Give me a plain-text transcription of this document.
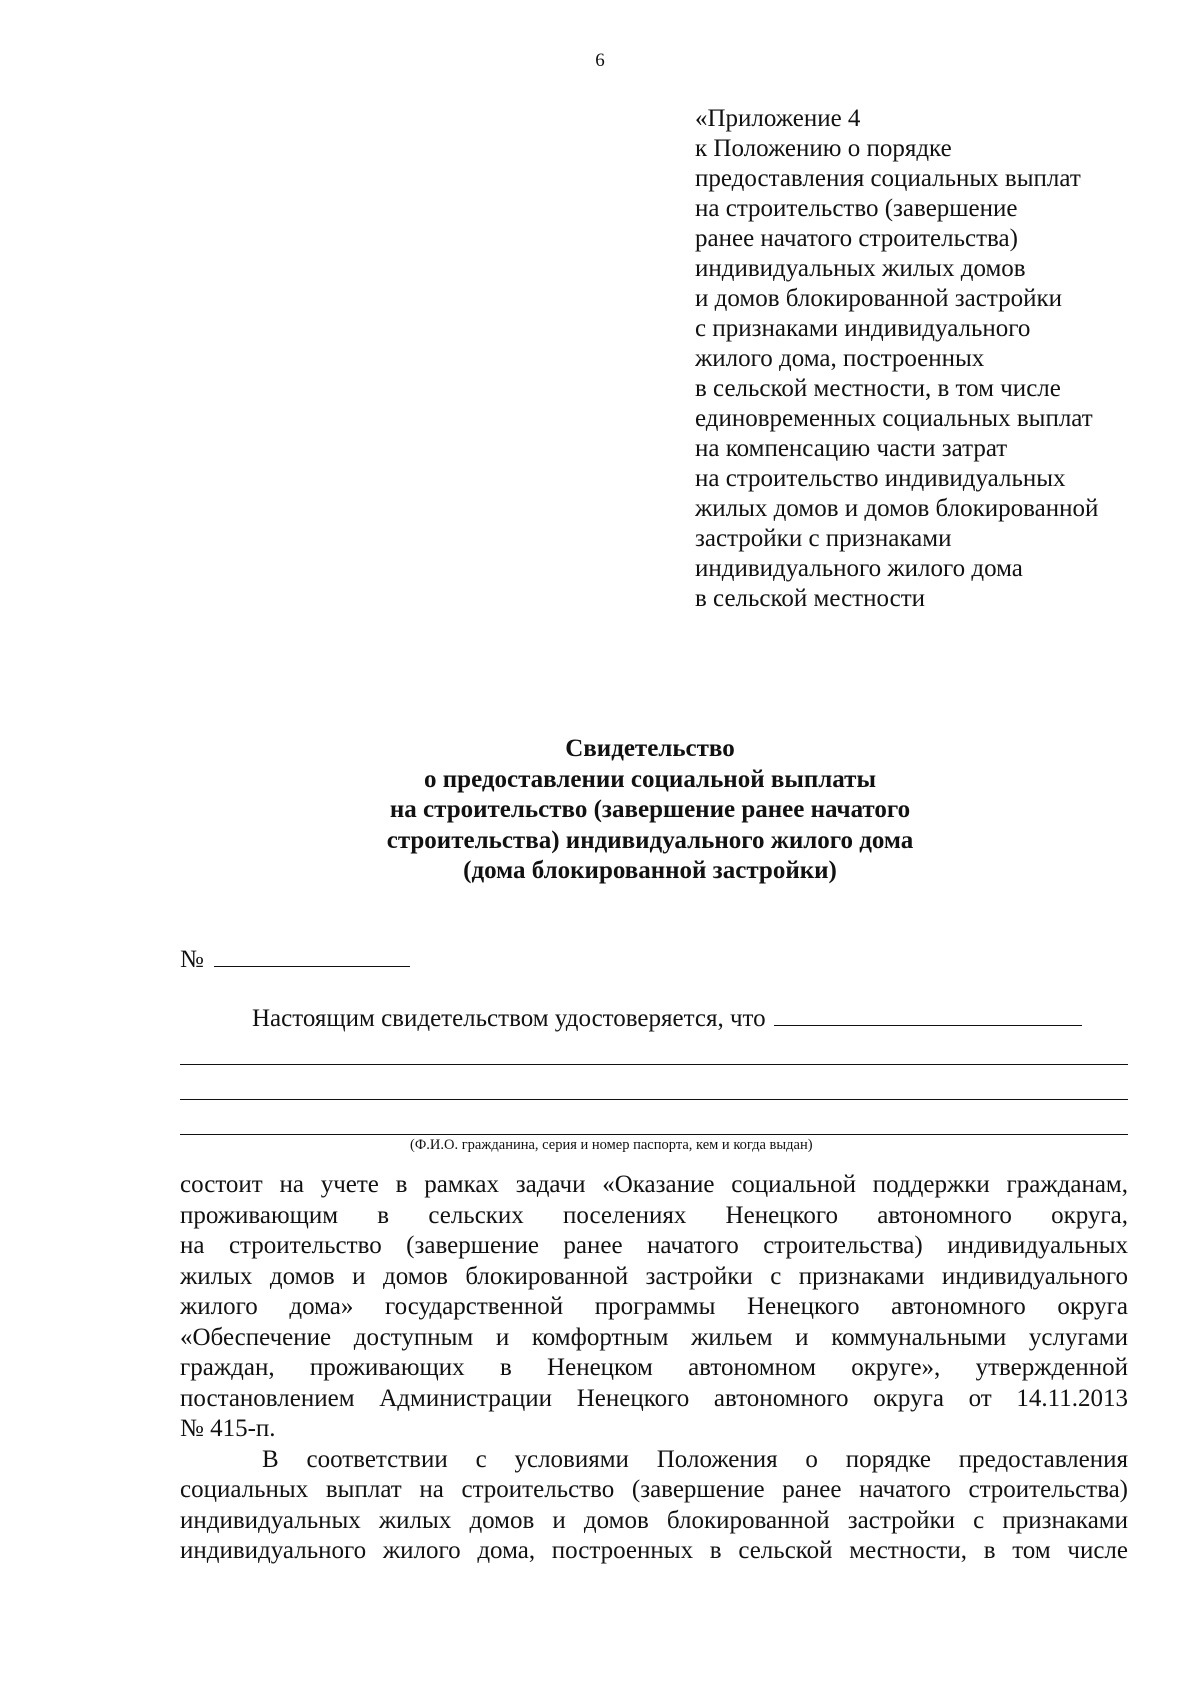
6
«Приложение 4
к Положению о порядке
предоставления социальных выплат
на строительство (завершение
ранее начатого строительства)
индивидуальных жилых домов
и домов блокированной застройки
с признаками индивидуального
жилого дома, построенных
в сельской местности, в том числе
единовременных социальных выплат
на компенсацию части затрат
на строительство индивидуальных
жилых домов и домов блокированной
застройки с признаками
индивидуального жилого дома
в сельской местности
Свидетельство
о предоставлении социальной выплаты
на строительство (завершение ранее начатого
строительства) индивидуального жилого дома
(дома блокированной застройки)
№
Настоящим свидетельством удостоверяется, что
(Ф.И.О. гражданина, серия и номер паспорта, кем и когда выдан)
состоит на учете в рамках задачи «Оказание социальной поддержки гражданам,
проживающим в сельских поселениях Ненецкого автономного округа,
на строительство (завершение ранее начатого строительства) индивидуальных
жилых домов и домов блокированной застройки с признаками индивидуального
жилого дома» государственной программы Ненецкого автономного округа
«Обеспечение доступным и комфортным жильем и коммунальными услугами
граждан, проживающих в Ненецком автономном округе», утвержденной
постановлением Администрации Ненецкого автономного округа от 14.11.2013
№ 415-п.
В соответствии с условиями Положения о порядке предоставления
социальных выплат на строительство (завершение ранее начатого строительства)
индивидуальных жилых домов и домов блокированной застройки с признаками
индивидуального жилого дома, построенных в сельской местности, в том числе
